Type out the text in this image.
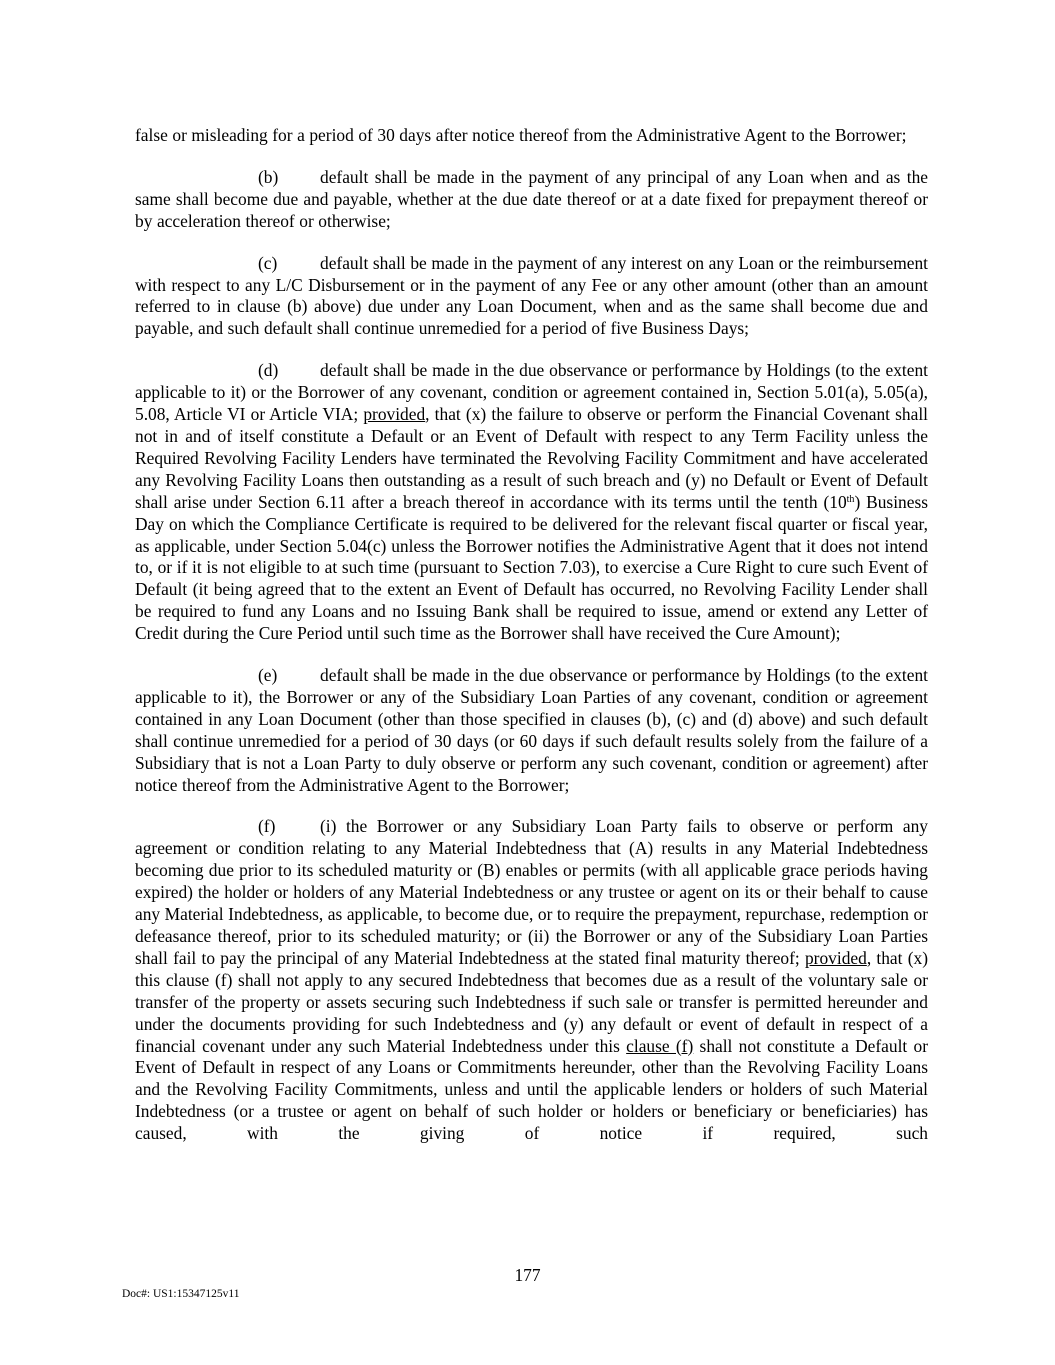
false or misleading for a period of 30 days after notice thereof from the Administrative Agent to the Borrower;

(b) default shall be made in the payment of any principal of any Loan when and as the same shall become due and payable, whether at the due date thereof or at a date fixed for prepayment thereof or by acceleration thereof or otherwise;

(c) default shall be made in the payment of any interest on any Loan or the reimbursement with respect to any L/C Disbursement or in the payment of any Fee or any other amount (other than an amount referred to in clause (b) above) due under any Loan Document, when and as the same shall become due and payable, and such default shall continue unremedied for a period of five Business Days;

(d) default shall be made in the due observance or performance by Holdings (to the extent applicable to it) or the Borrower of any covenant, condition or agreement contained in, Section 5.01(a), 5.05(a), 5.08, Article VI or Article VIA; provided, that (x) the failure to observe or perform the Financial Covenant shall not in and of itself constitute a Default or an Event of Default with respect to any Term Facility unless the Required Revolving Facility Lenders have terminated the Revolving Facility Commitment and have accelerated any Revolving Facility Loans then outstanding as a result of such breach and (y) no Default or Event of Default shall arise under Section 6.11 after a breach thereof in accordance with its terms until the tenth (10th) Business Day on which the Compliance Certificate is required to be delivered for the relevant fiscal quarter or fiscal year, as applicable, under Section 5.04(c) unless the Borrower notifies the Administrative Agent that it does not intend to, or if it is not eligible to at such time (pursuant to Section 7.03), to exercise a Cure Right to cure such Event of Default (it being agreed that to the extent an Event of Default has occurred, no Revolving Facility Lender shall be required to fund any Loans and no Issuing Bank shall be required to issue, amend or extend any Letter of Credit during the Cure Period until such time as the Borrower shall have received the Cure Amount);

(e) default shall be made in the due observance or performance by Holdings (to the extent applicable to it), the Borrower or any of the Subsidiary Loan Parties of any covenant, condition or agreement contained in any Loan Document (other than those specified in clauses (b), (c) and (d) above) and such default shall continue unremedied for a period of 30 days (or 60 days if such default results solely from the failure of a Subsidiary that is not a Loan Party to duly observe or perform any such covenant, condition or agreement) after notice thereof from the Administrative Agent to the Borrower;

(f)	(i) the Borrower or any Subsidiary Loan Party fails to observe or perform any agreement or condition relating to any Material Indebtedness that (A) results in any Material Indebtedness becoming due prior to its scheduled maturity or (B) enables or permits (with all applicable grace periods having expired) the holder or holders of any Material Indebtedness or any trustee or agent on its or their behalf to cause any Material Indebtedness, as applicable, to become due, or to require the prepayment, repurchase, redemption or defeasance thereof, prior to its scheduled maturity; or (ii) the Borrower or any of the Subsidiary Loan Parties shall fail to pay the principal of any Material Indebtedness at the stated final maturity thereof; provided, that (x) this clause (f) shall not apply to any secured Indebtedness that becomes due as a result of the voluntary sale or transfer of the property or assets securing such Indebtedness if such sale or transfer is permitted hereunder and under the documents providing for such Indebtedness and (y) any default or event of default in respect of a financial covenant under any such Material Indebtedness under this clause (f) shall not constitute a Default or Event of Default in respect of any Loans or Commitments hereunder, other than the Revolving Facility Loans and the Revolving Facility Commitments, unless and until the applicable lenders or holders of such Material Indebtedness (or a trustee or agent on behalf of such holder or holders or beneficiary or beneficiaries) has caused, with the giving of notice if required, such

177
Doc#: US1:15347125v11
